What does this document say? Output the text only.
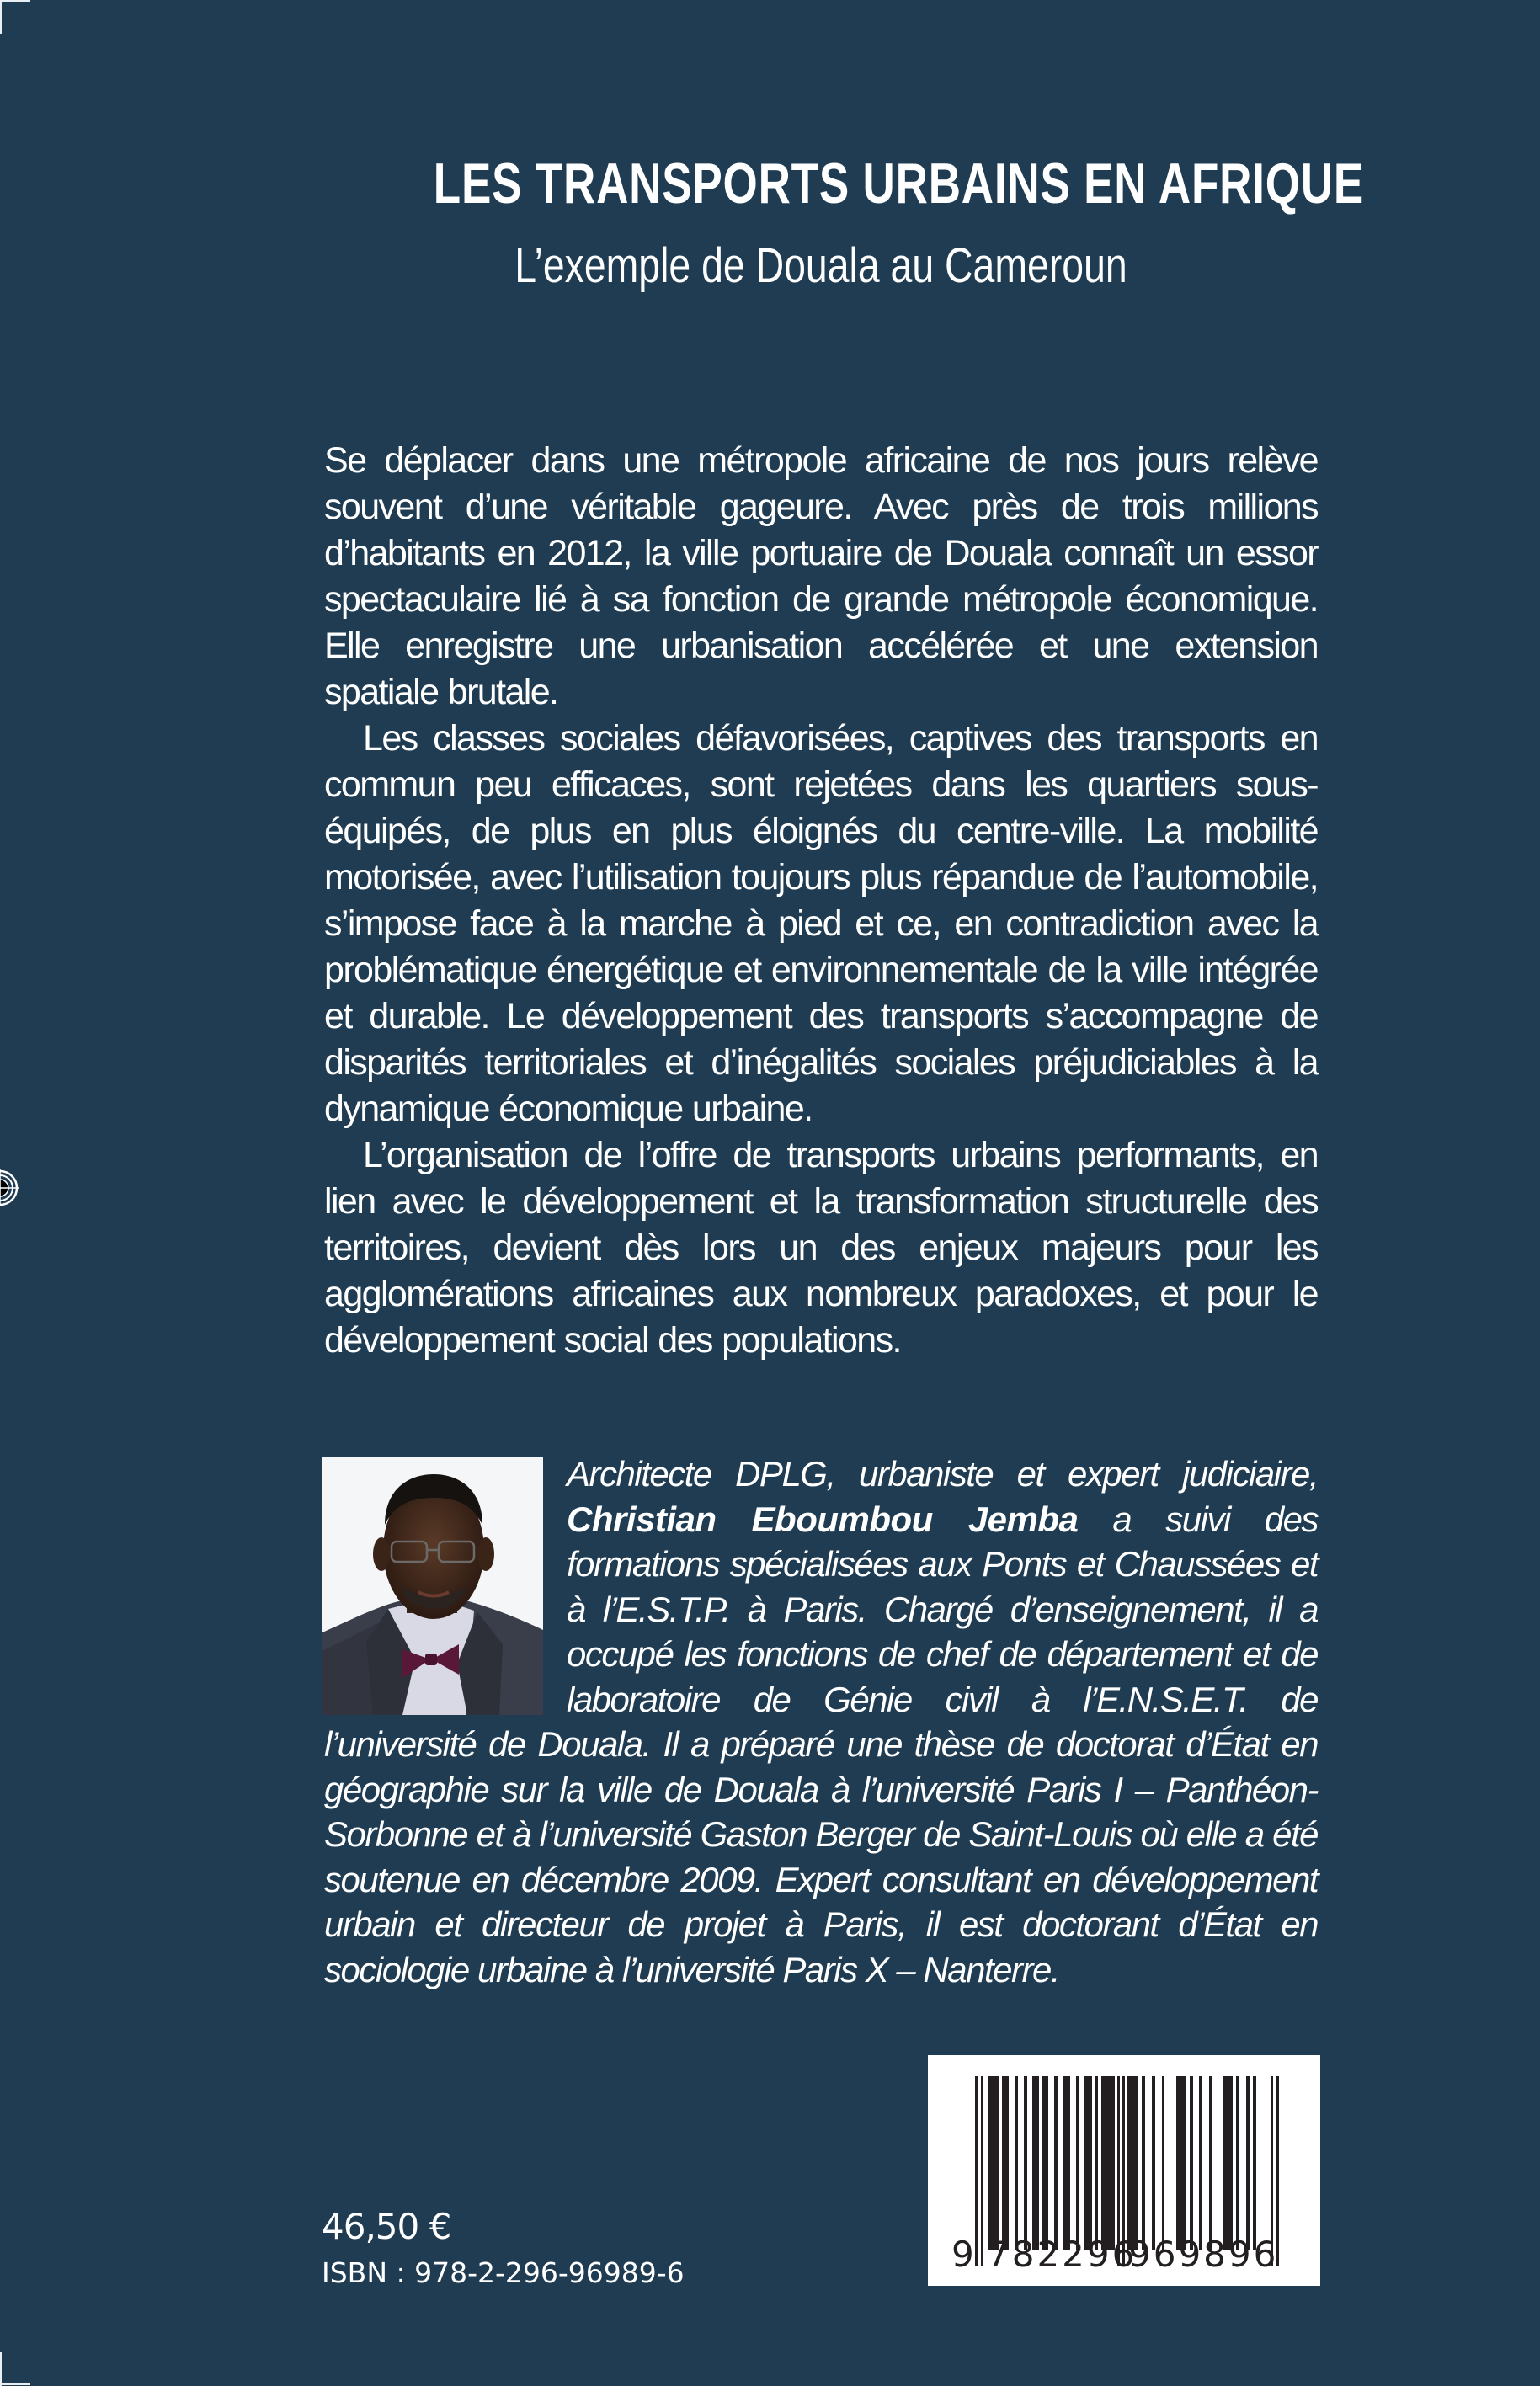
LES TRANSPORTS URBAINS EN AFRIQUE
L’exemple de Douala au Cameroun

Se déplacer dans une métropole africaine de nos jours relève souvent d’une véritable gageure. Avec près de trois millions d’habitants en 2012, la ville portuaire de Douala connaît un essor spectaculaire lié à sa fonction de grande métropole économique. Elle enregistre une urbanisation accélérée et une extension spatiale brutale.

Les classes sociales défavorisées, captives des transports en commun peu efficaces, sont rejetées dans les quartiers sous-équipés, de plus en plus éloignés du centre-ville. La mobilité motorisée, avec l’utilisation toujours plus répandue de l’automobile, s’impose face à la marche à pied et ce, en contradiction avec la problématique énergétique et environnementale de la ville intégrée et durable. Le développement des transports s’accompagne de disparités territoriales et d’inégalités sociales préjudiciables à la dynamique économique urbaine.

L’organisation de l’offre de transports urbains performants, en lien avec le développement et la transformation structurelle des territoires, devient dès lors un des enjeux majeurs pour les agglomérations africaines aux nombreux paradoxes, et pour le développement social des populations.

Architecte DPLG, urbaniste et expert judiciaire, Christian Eboumbou Jemba a suivi des formations spécialisées aux Ponts et Chaussées et à l’E.S.T.P. à Paris. Chargé d’enseignement, il a occupé les fonctions de chef de département et de laboratoire de Génie civil à l’E.N.S.E.T. de l’université de Douala. Il a préparé une thèse de doctorat d’État en géographie sur la ville de Douala à l’université Paris I – Panthéon-Sorbonne et à l’université Gaston Berger de Saint-Louis où elle a été soutenue en décembre 2009. Expert consultant en développement urbain et directeur de projet à Paris, il est doctorant d’État en sociologie urbaine à l’université Paris X – Nanterre.
46,50 €
ISBN : 978-2-296-96989-6	9 782296
969896
